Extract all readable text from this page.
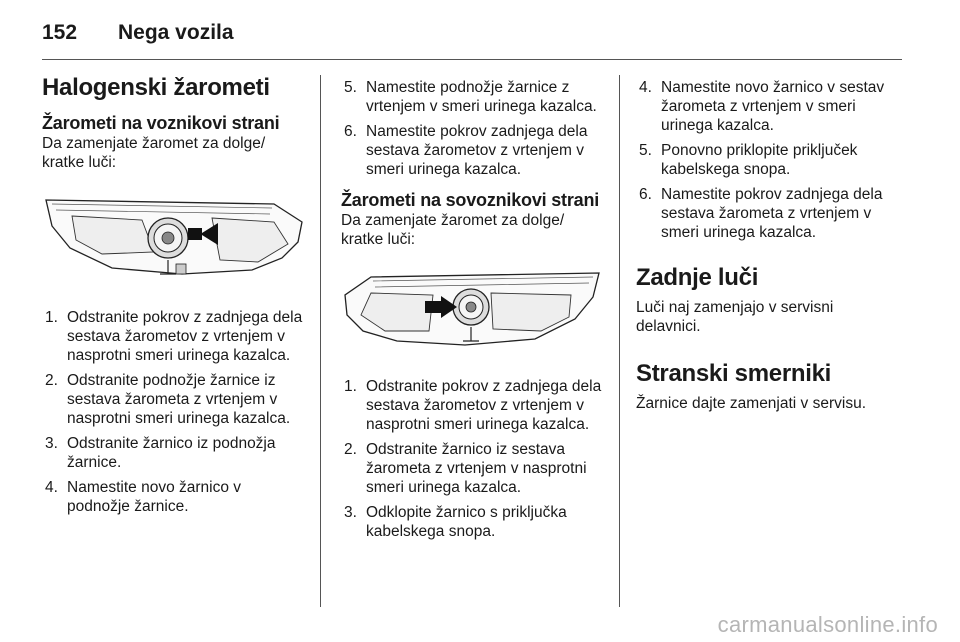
152 Nega vozila
Halogenski žarometi
Žarometi na voznikovi strani

Da zamenjate žaromet za dolge/ kratke luči:

1. Odstranite pokrov z zadnjega dela sestava žarometov z vrtenjem v nasprotni smeri urinega kazalca.
2. Odstranite podnožje žarnice iz sestava žarometa z vrtenjem v nasprotni smeri urinega kazalca.
3. Odstranite žarnico iz podnožja žarnice.
4. Namestite novo žarnico v podnožje žarnice.
5. Namestite podnožje žarnice z vrtenjem v smeri urinega kazalca.
6. Namestite pokrov zadnjega dela sestava žarometov z vrtenjem v smeri urinega kazalca.
Žarometi na sovoznikovi strani

Da zamenjate žaromet za dolge/ kratke luči:

1. Odstranite pokrov z zadnjega dela sestava žarometov z vrtenjem v nasprotni smeri urinega kazalca.
2. Odstranite žarnico iz sestava žarometa z vrtenjem v nasprotni smeri urinega kazalca.
3. Odklopite žarnico s priključka kabelskega snopa.
4. Namestite novo žarnico v sestav žarometa z vrtenjem v smeri urinega kazalca.
5. Ponovno priklopite priključek kabelskega snopa.
6. Namestite pokrov zadnjega dela sestava žarometa z vrtenjem v smeri urinega kazalca.
Zadnje luči

Luči naj zamenjajo v servisni delavnici.

Stranski smerniki

Žarnice dajte zamenjati v servisu.

carmanualsonline.info
